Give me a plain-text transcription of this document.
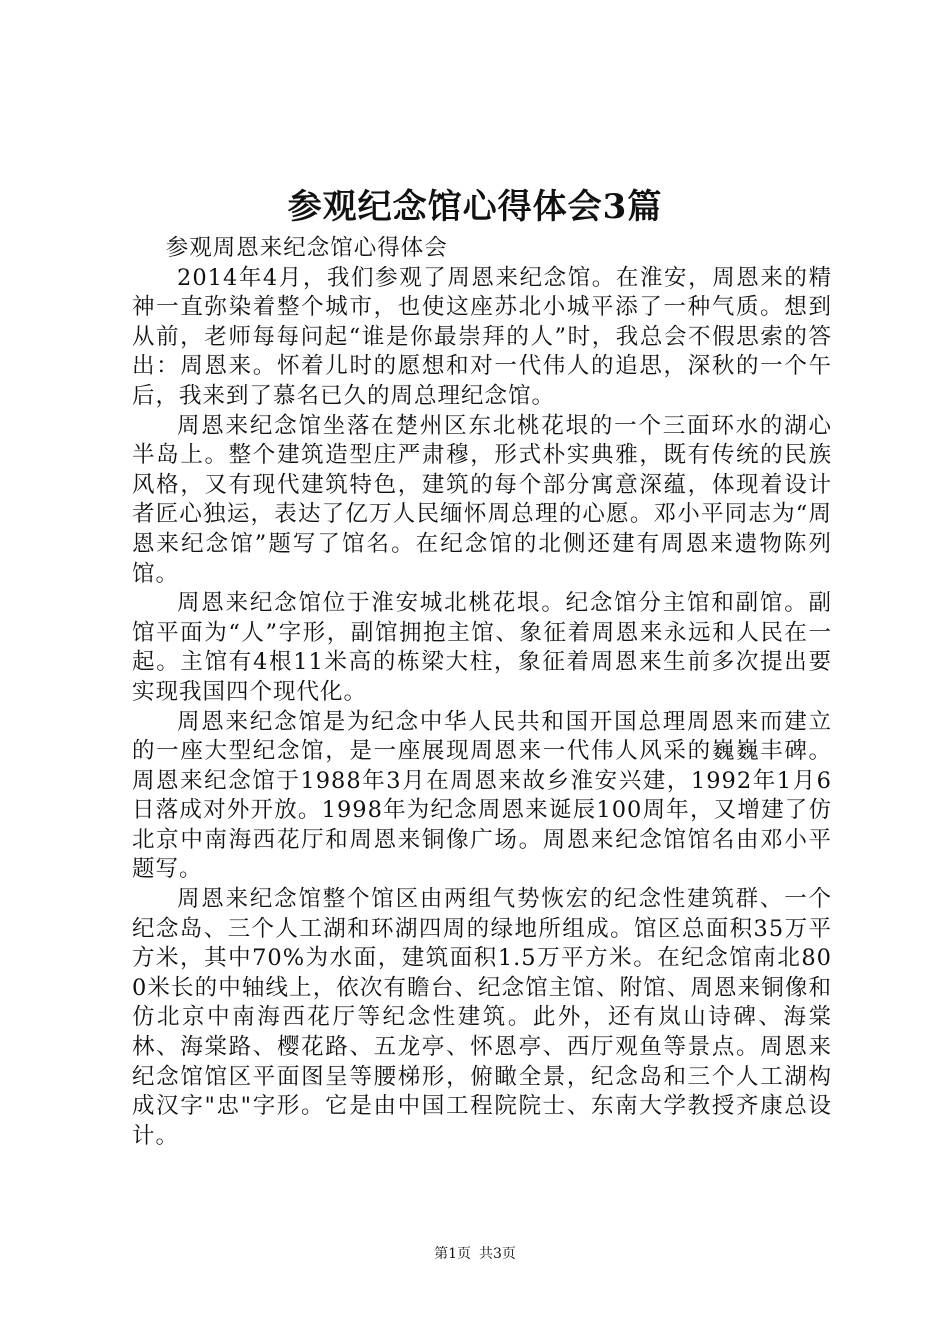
参观纪念馆心得体会3篇

参观周恩来纪念馆心得体会

2014年4月，我们参观了周恩来纪念馆。在淮安，周恩来的精神一直弥染着整个城市，也使这座苏北小城平添了一种气质。想到从前，老师每每问起“谁是你最崇拜的人”时，我总会不假思索的答出：周恩来。怀着儿时的愿想和对一代伟人的追思，深秋的一个午后，我来到了慕名已久的周总理纪念馆。

周恩来纪念馆坐落在楚州区东北桃花垠的一个三面环水的湖心半岛上。整个建筑造型庄严肃穆，形式朴实典雅，既有传统的民族风格，又有现代建筑特色，建筑的每个部分寓意深蕴，体现着设计者匠心独运，表达了亿万人民缅怀周总理的心愿。邓小平同志为“周恩来纪念馆”题写了馆名。在纪念馆的北侧还建有周恩来遗物陈列馆。

周恩来纪念馆位于淮安城北桃花垠。纪念馆分主馆和副馆。副馆平面为“人”字形，副馆拥抱主馆、象征着周恩来永远和人民在一起。主馆有4根11米高的栋梁大柱，象征着周恩来生前多次提出要实现我国四个现代化。

周恩来纪念馆是为纪念中华人民共和国开国总理周恩来而建立的一座大型纪念馆，是一座展现周恩来一代伟人风采的巍巍丰碑。周恩来纪念馆于1988年3月在周恩来故乡淮安兴建，1992年1月6日落成对外开放。1998年为纪念周恩来诞辰100周年，又增建了仿北京中南海西花厅和周恩来铜像广场。周恩来纪念馆馆名由邓小平题写。

周恩来纪念馆整个馆区由两组气势恢宏的纪念性建筑群、一个纪念岛、三个人工湖和环湖四周的绿地所组成。馆区总面积35万平方米，其中70%为水面，建筑面积1.5万平方米。在纪念馆南北800米长的中轴线上，依次有瞻台、纪念馆主馆、附馆、周恩来铜像和仿北京中南海西花厅等纪念性建筑。此外，还有岚山诗碑、海棠林、海棠路、樱花路、五龙亭、怀恩亭、西厅观鱼等景点。周恩来纪念馆馆区平面图呈等腰梯形，俯瞰全景，纪念岛和三个人工湖构成汉字"忠"字形。它是由中国工程院院士、东南大学教授齐康总设计。

第1页 共3页
